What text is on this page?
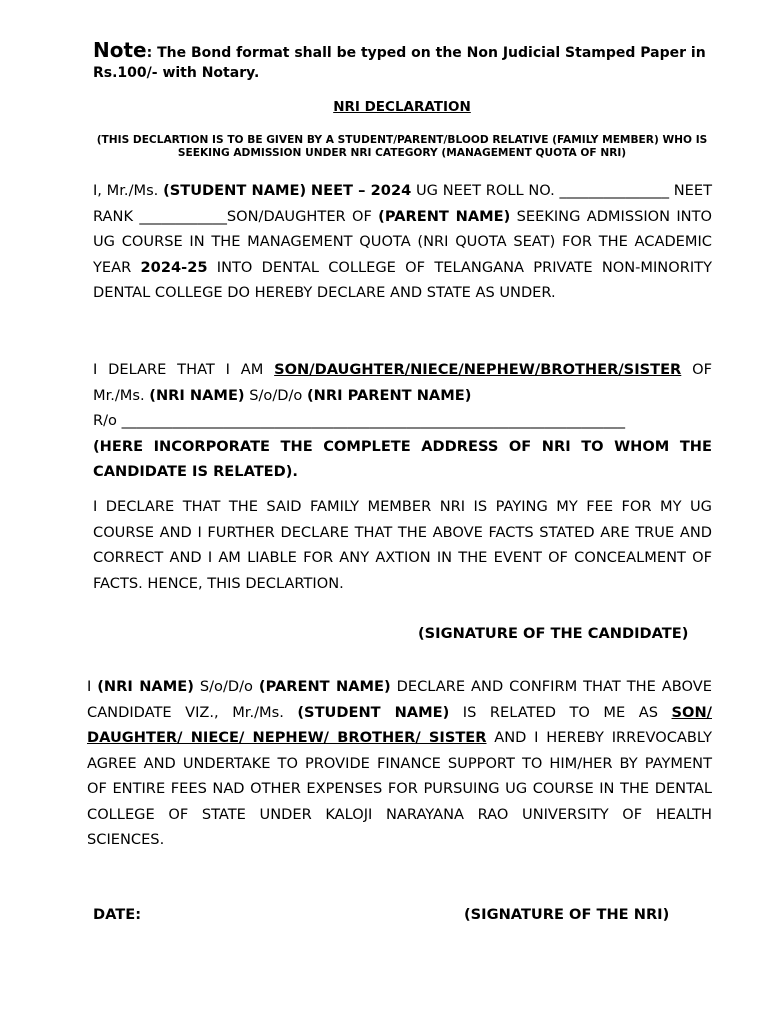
Note: The Bond format shall be typed on the Non Judicial Stamped Paper in Rs.100/- with Notary.
NRI DECLARATION
(THIS DECLARTION IS TO BE GIVEN BY A STUDENT/PARENT/BLOOD RELATIVE (FAMILY MEMBER) WHO IS SEEKING ADMISSION UNDER NRI CATEGORY (MANAGEMENT QUOTA OF NRI)
I, Mr./Ms. (STUDENT NAME) NEET – 2024 UG NEET ROLL NO. _______________ NEET RANK ____________SON/DAUGHTER OF (PARENT NAME) SEEKING ADMISSION INTO UG COURSE IN THE MANAGEMENT QUOTA (NRI QUOTA SEAT) FOR THE ACADEMIC YEAR 2024-25 INTO DENTAL COLLEGE OF TELANGANA PRIVATE NON-MINORITY DENTAL COLLEGE DO HEREBY DECLARE AND STATE AS UNDER.
I DELARE THAT I AM SON/DAUGHTER/NIECE/NEPHEW/BROTHER/SISTER OF
Mr./Ms. (NRI NAME) S/o/D/o (NRI PARENT NAME)
R/o _____________________________________________________________________
(HERE INCORPORATE THE COMPLETE ADDRESS OF NRI TO WHOM THE CANDIDATE IS RELATED).
I DECLARE THAT THE SAID FAMILY MEMBER NRI IS PAYING MY FEE FOR MY UG COURSE AND I FURTHER DECLARE THAT THE ABOVE FACTS STATED ARE TRUE AND CORRECT AND I AM LIABLE FOR ANY AXTION IN THE EVENT OF CONCEALMENT OF FACTS. HENCE, THIS DECLARTION.
(SIGNATURE OF THE CANDIDATE)
I (NRI NAME) S/o/D/o (PARENT NAME) DECLARE AND CONFIRM THAT THE ABOVE CANDIDATE VIZ., Mr./Ms. (STUDENT NAME) IS RELATED TO ME AS SON/ DAUGHTER/ NIECE/ NEPHEW/ BROTHER/ SISTER AND I HEREBY IRREVOCABLY AGREE AND UNDERTAKE TO PROVIDE FINANCE SUPPORT TO HIM/HER BY PAYMENT OF ENTIRE FEES NAD OTHER EXPENSES FOR PURSUING UG COURSE IN THE DENTAL COLLEGE OF STATE UNDER KALOJI NARAYANA RAO UNIVERSITY OF HEALTH SCIENCES.
DATE:	(SIGNATURE OF THE NRI)
